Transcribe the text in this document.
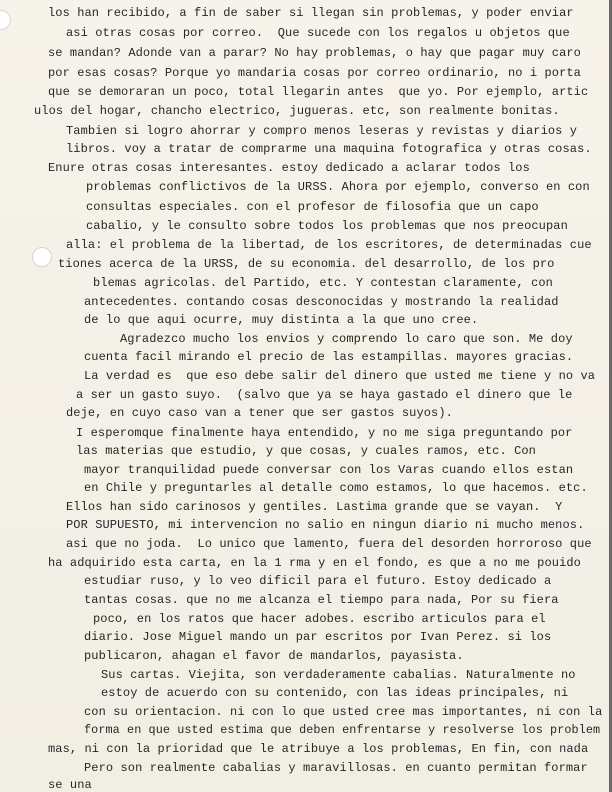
los han recibido, a fin de saber si llegan sin problemas, y poder enviar
asi otras cosas por correo.  Que sucede con los regalos u objetos que
se mandan? Adonde van a parar? No hay problemas, o hay que pagar muy caro
por esas cosas? Porque yo mandaria cosas por correo ordinario, no i porta
que se demoraran un poco, total llegarin antes  que yo. Por ejemplo, artic
ulos del hogar, chancho electrico, jugueras. etc, son realmente bonitas.
Tambien si logro ahorrar y compro menos leseras y revistas y diarios y
libros. voy a tratar de comprarme una maquina fotografica y otras cosas.
Enure otras cosas interesantes. estoy dedicado a aclarar todos los
problemas conflictivos de la URSS. Ahora por ejemplo, converso en con
consultas especiales. con el profesor de filosofia que un capo
cabalio, y le consulto sobre todos los problemas que nos preocupan
alla: el problema de la libertad, de los escritores, de determinadas cue
tiones acerca de la URSS, de su economia. del desarrollo, de los pro
blemas agricolas. del Partido, etc. Y contestan claramente, con
antecedentes. contando cosas desconocidas y mostrando la realidad
de lo que aqui ocurre, muy distinta a la que uno cree.
Agradezco mucho los envios y comprendo lo caro que son. Me doy
cuenta facil mirando el precio de las estampillas. mayores gracias.
La verdad es  que eso debe salir del dinero que usted me tiene y no va
a ser un gasto suyo.  (salvo que ya se haya gastado el dinero que le
deje, en cuyo caso van a tener que ser gastos suyos).
I esperomque finalmente haya entendido, y no me siga preguntando por
las materias que estudio, y que cosas, y cuales ramos, etc. Con
mayor tranquilidad puede conversar con los Varas cuando ellos estan
en Chile y preguntarles al detalle como estamos, lo que hacemos. etc.
Ellos han sido carinosos y gentiles. Lastima grande que se vayan.  Y
POR SUPUESTO, mi intervencion no salio en ningun diario ni mucho menos.
asi que no joda.  Lo unico que lamento, fuera del desorden horroroso que
ha adquirido esta carta, en la 1 rma y en el fondo, es que a no me pouido
estudiar ruso, y lo veo dificil para el futuro. Estoy dedicado a
tantas cosas. que no me alcanza el tiempo para nada, Por su fiera
poco, en los ratos que hacer adobes. escribo articulos para el
diario. Jose Miguel mando un par escritos por Ivan Perez. si los
publicaron, ahagan el favor de mandarlos, payasista.
Sus cartas. Viejita, son verdaderamente cabalias. Naturalmente no
estoy de acuerdo con su contenido, con las ideas principales, ni
con su orientacion. ni con lo que usted cree mas importantes, ni con la
forma en que usted estima que deben enfrentarse y resolverse los problem
mas, ni con la prioridad que le atribuye a los problemas, En fin, con nada
Pero son realmente cabalias y maravillosas. en cuanto permitan formar
se una
